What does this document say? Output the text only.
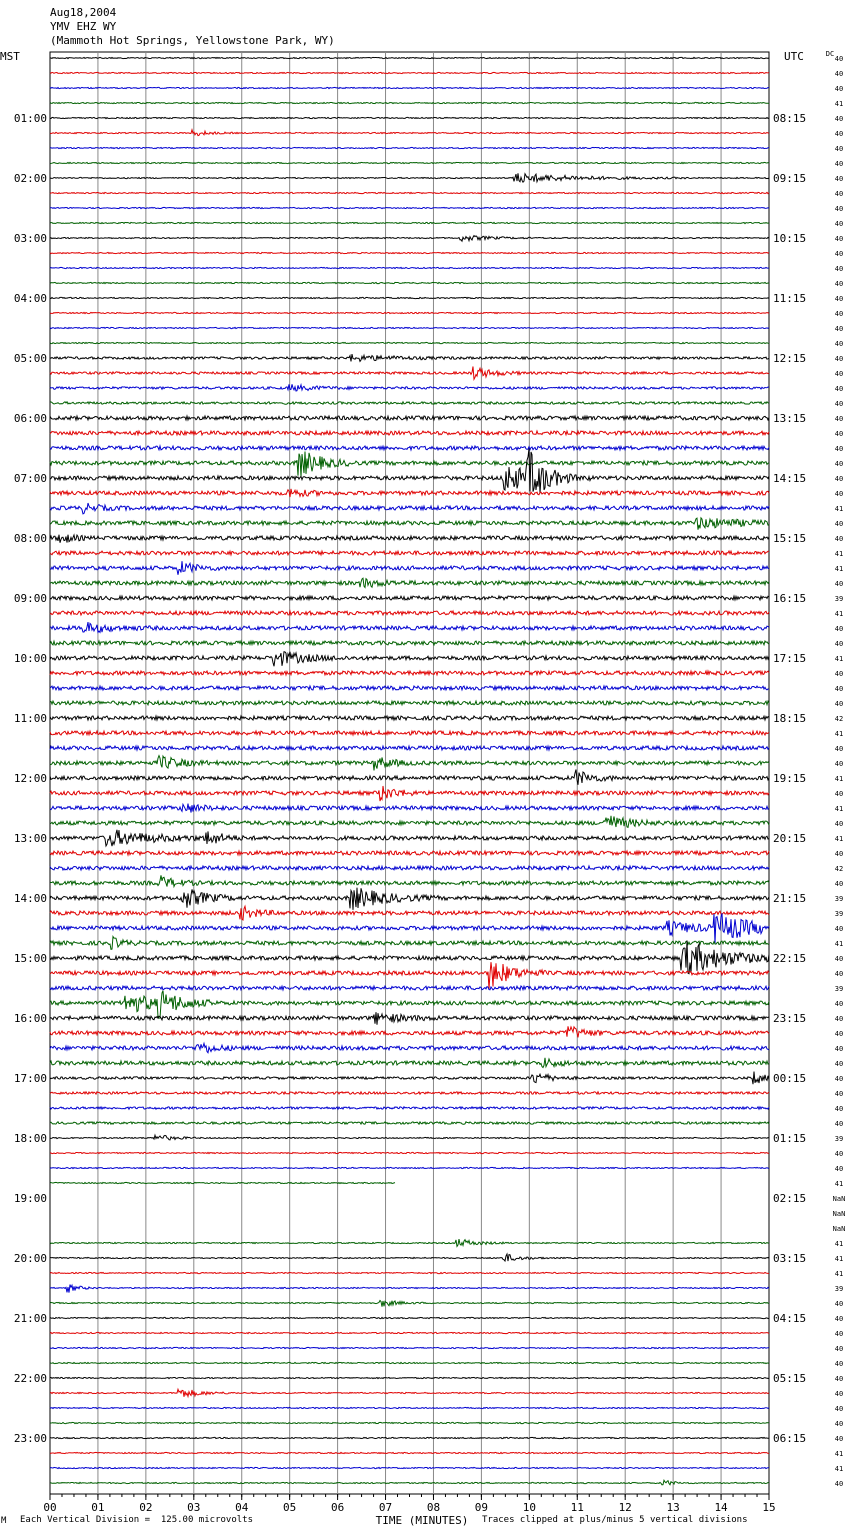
Aug18,2004
YMV EHZ WY
(Mammoth Hot Springs, Yellowstone Park, WY)
40
40
40
41
40
40
40
40
40
40
40
40
40
40
40
40
40
40
40
40
40
40
40
40
40
40
40
40
40
40
41
40
40
41
41
40
39
41
40
40
41
40
40
40
42
41
40
40
41
40
41
40
41
40
42
40
39
39
40
41
40
40
39
40
40
40
40
40
40
40
40
40
39
40
40
41
NaN
NaN
NaN
41
41
41
39
40
40
40
40
40
40
40
40
40
40
41
41
40
01:00
02:00
03:00
04:00
05:00
06:00
07:00
08:00
09:00
10:00
11:00
12:00
13:00
14:00
15:00
16:00
17:00
18:00
19:00
20:00
21:00
22:00
23:00
08:15
09:15
10:15
11:15
12:15
13:15
14:15
15:15
16:15
17:15
18:15
19:15
20:15
21:15
22:15
23:15
00:15
01:15
02:15
03:15
04:15
05:15
06:15
MST	UTC	DC
00	01	02	03	04	05	06	07	08	09	10	11	12	13	14	15
TIME (MINUTES)
M Each Vertical Division =  125.00 microvolts	Traces clipped at plus/minus 5 vertical divisions
